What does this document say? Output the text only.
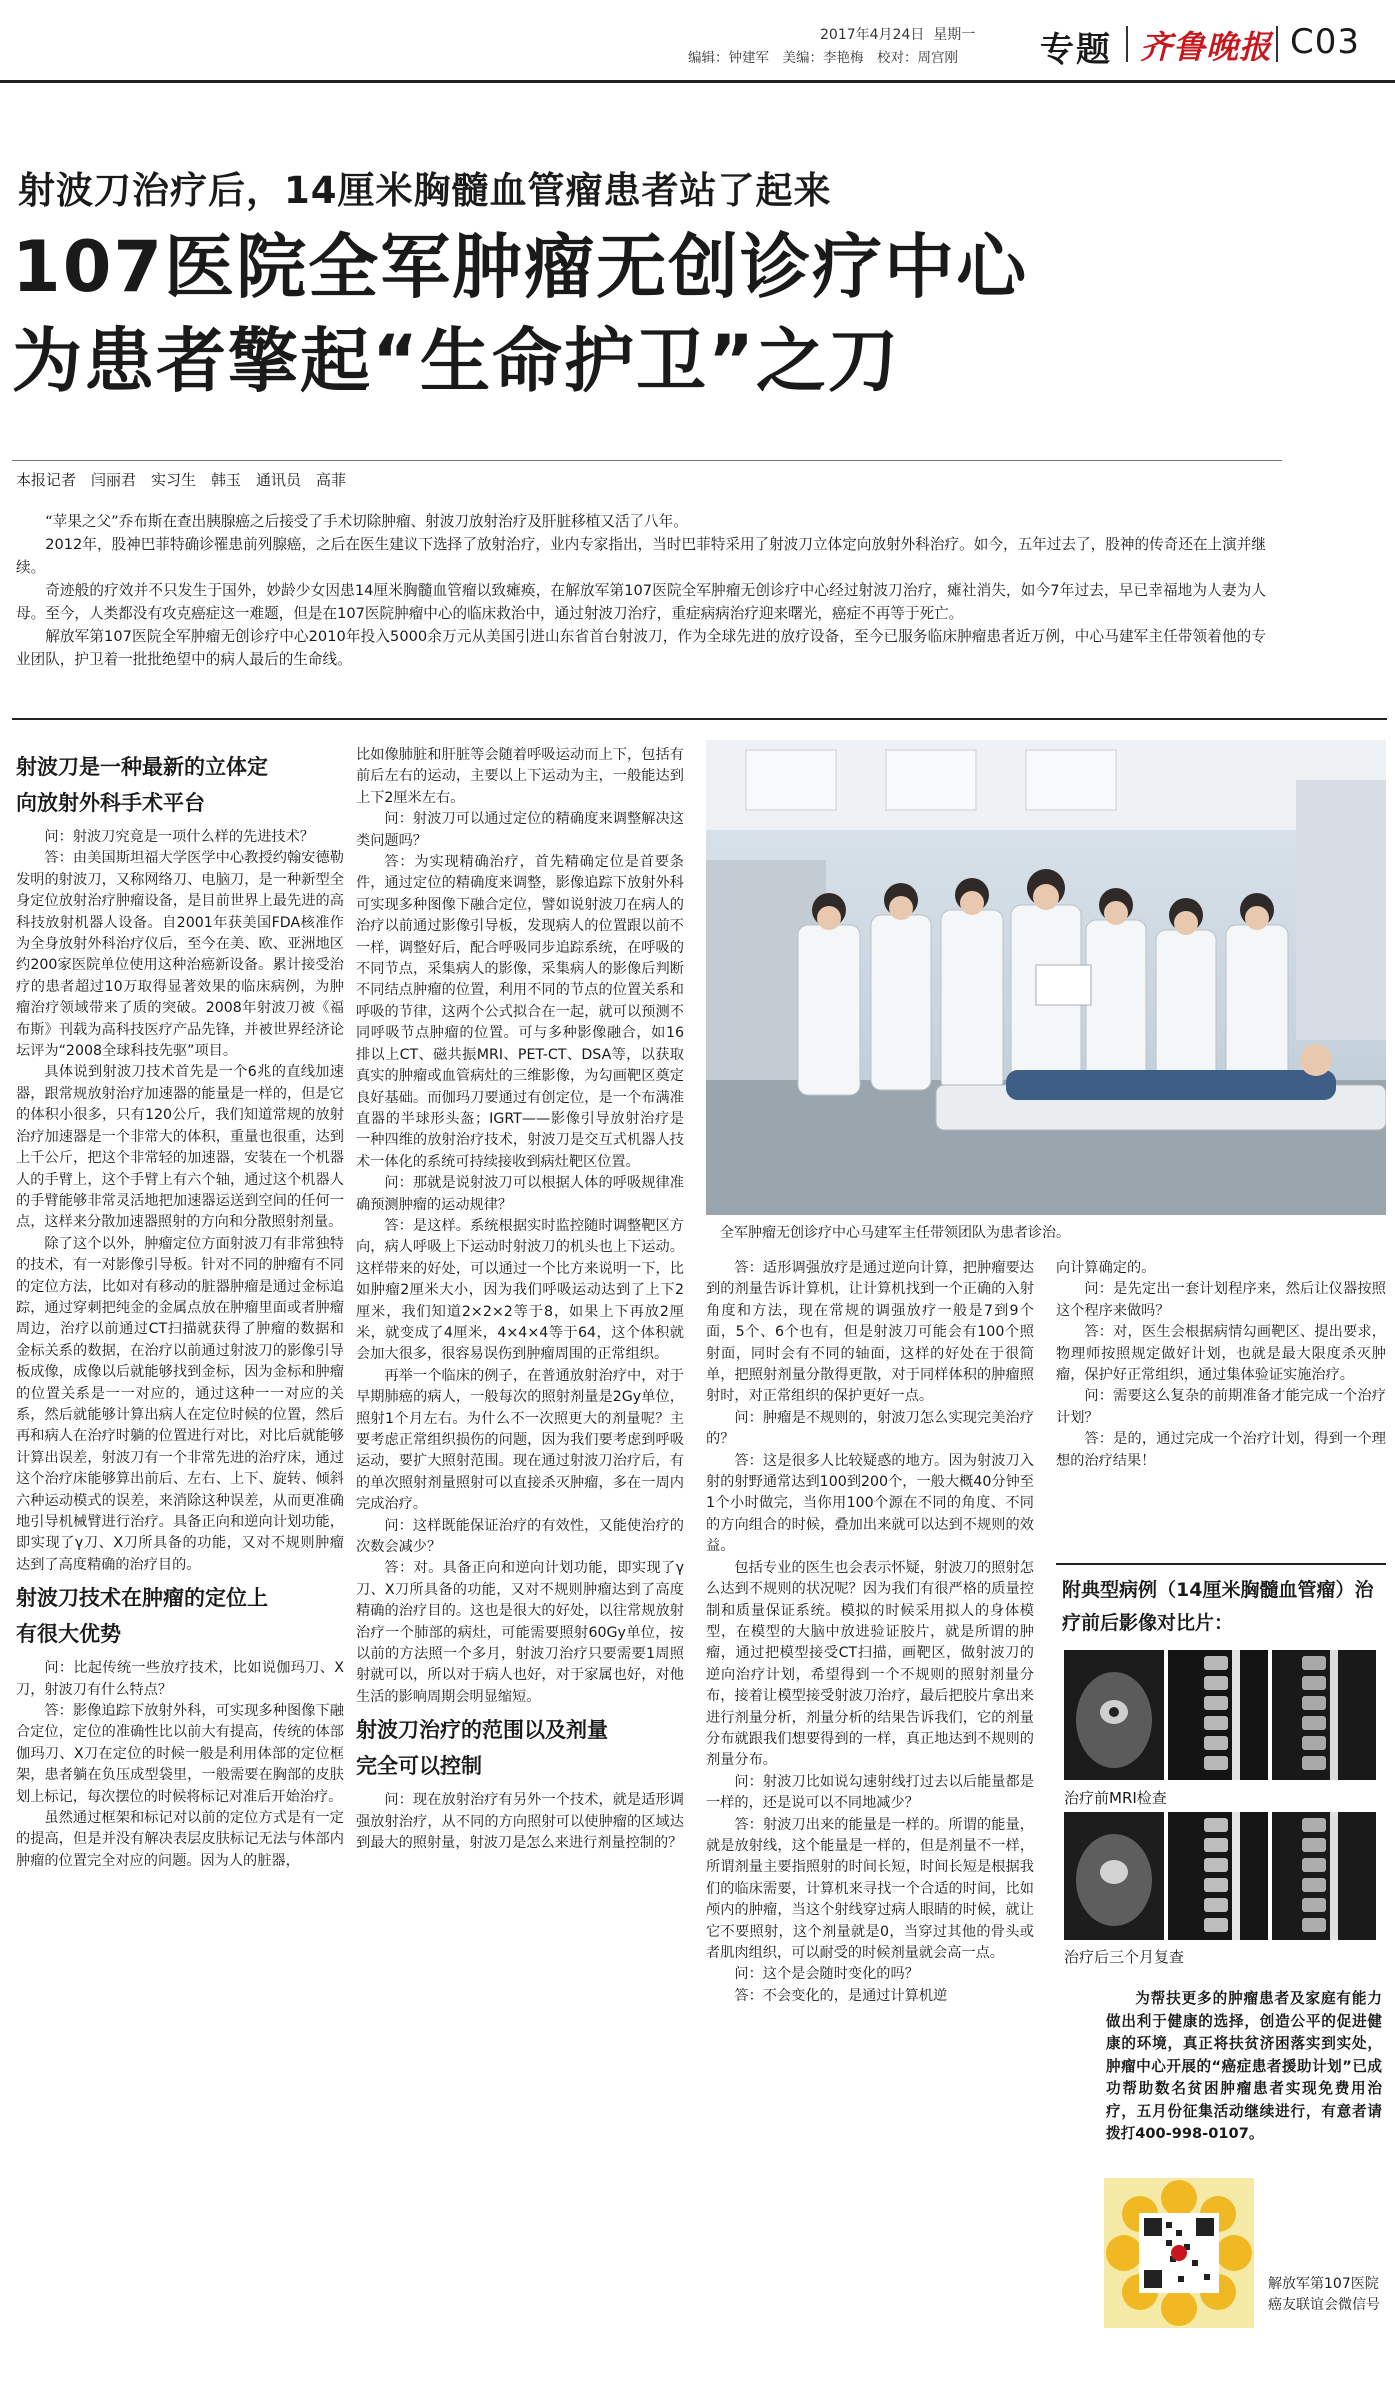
2017年4月24日 星期一
编辑：钟建军　美编：李艳梅　校对：周宫刚 专题 齐鲁晚报 C03
射波刀治疗后，14厘米胸髓血管瘤患者站了起来
107医院全军肿瘤无创诊疗中心
为患者擎起“生命护卫”之刀
本报记者　闫丽君　实习生　韩玉　通讯员　高菲

“苹果之父”乔布斯在查出胰腺癌之后接受了手术切除肿瘤、射波刀放射治疗及肝脏移植又活了八年。

2012年，股神巴菲特确诊罹患前列腺癌，之后在医生建议下选择了放射治疗，业内专家指出，当时巴菲特采用了射波刀立体定向放射外科治疗。如今，五年过去了，股神的传奇还在上演并继续。

奇迹般的疗效并不只发生于国外，妙龄少女因患14厘米胸髓血管瘤以致瘫痪，在解放军第107医院全军肿瘤无创诊疗中心经过射波刀治疗，瘫社消失，如今7年过去，早已幸福地为人妻为人母。至今，人类都没有攻克癌症这一难题，但是在107医院肿瘤中心的临床救治中，通过射波刀治疗，重症病病治疗迎来曙光，癌症不再等于死亡。

解放军第107医院全军肿瘤无创诊疗中心2010年投入5000余万元从美国引进山东省首台射波刀，作为全球先进的放疗设备，至今已服务临床肿瘤患者近万例，中心马建军主任带领着他的专业团队，护卫着一批批绝望中的病人最后的生命线。

射波刀是一种最新的立体定
向放射外科手术平台

问：射波刀究竟是一项什么样的先进技术？

答：由美国斯坦福大学医学中心教授约翰安德勒发明的射波刀，又称网络刀、电脑刀，是一种新型全身定位放射治疗肿瘤设备，是目前世界上最先进的高科技放射机器人设备。自2001年获美国FDA核准作为全身放射外科治疗仪后，至今在美、欧、亚洲地区约200家医院单位使用这种治癌新设备。累计接受治疗的患者超过10万取得显著效果的临床病例，为肿瘤治疗领域带来了质的突破。2008年射波刀被《福布斯》刊载为高科技医疗产品先锋，并被世界经济论坛评为“2008全球科技先驱”项目。

具体说到射波刀技术首先是一个6兆的直线加速器，跟常规放射治疗加速器的能量是一样的，但是它的体积小很多，只有120公斤，我们知道常规的放射治疗加速器是一个非常大的体积，重量也很重，达到上千公斤，把这个非常轻的加速器，安装在一个机器人的手臂上，这个手臂上有六个轴，通过这个机器人的手臂能够非常灵活地把加速器运送到空间的任何一点，这样来分散加速器照射的方向和分散照射剂量。

除了这个以外，肿瘤定位方面射波刀有非常独特的技术，有一对影像引导板。针对不同的肿瘤有不同的定位方法，比如对有移动的脏器肿瘤是通过金标追踪，通过穿刺把纯金的金属点放在肿瘤里面或者肿瘤周边，治疗以前通过CT扫描就获得了肿瘤的数据和金标关系的数据，在治疗以前通过射波刀的影像引导板成像，成像以后就能够找到金标，因为金标和肿瘤的位置关系是一一对应的，通过这种一一对应的关系，然后就能够计算出病人在定位时候的位置，然后再和病人在治疗时躺的位置进行对比，对比后就能够计算出误差，射波刀有一个非常先进的治疗床，通过这个治疗床能够算出前后、左右、上下、旋转、倾斜六种运动模式的误差，来消除这种误差，从而更准确地引导机械臂进行治疗。具备正向和逆向计划功能，即实现了γ刀、X刀所具备的功能，又对不规则肿瘤达到了高度精确的治疗目的。

射波刀技术在肿瘤的定位上
有很大优势

问：比起传统一些放疗技术，比如说伽玛刀、X刀，射波刀有什么特点？

答：影像追踪下放射外科，可实现多种图像下融合定位，定位的准确性比以前大有提高，传统的体部伽玛刀、X刀在定位的时候一般是利用体部的定位框架，患者躺在负压成型袋里，一般需要在胸部的皮肤划上标记，每次摆位的时候将标记对准后开始治疗。

虽然通过框架和标记对以前的定位方式是有一定的提高，但是并没有解决表层皮肤标记无法与体部内肿瘤的位置完全对应的问题。因为人的脏器，

比如像肺脏和肝脏等会随着呼吸运动而上下，包括有前后左右的运动，主要以上下运动为主，一般能达到上下2厘米左右。

问：射波刀可以通过定位的精确度来调整解决这类问题吗？

答：为实现精确治疗，首先精确定位是首要条件，通过定位的精确度来调整，影像追踪下放射外科可实现多种图像下融合定位，譬如说射波刀在病人的治疗以前通过影像引导板，发现病人的位置跟以前不一样，调整好后，配合呼吸同步追踪系统，在呼吸的不同节点，采集病人的影像，采集病人的影像后判断不同结点肿瘤的位置，利用不同的节点的位置关系和呼吸的节律，这两个公式拟合在一起，就可以预测不同呼吸节点肿瘤的位置。可与多种影像融合，如16排以上CT、磁共振MRI、PET-CT、DSA等，以获取真实的肿瘤或血管病灶的三维影像，为勾画靶区奠定良好基础。而伽玛刀要通过有创定位，是一个布满准直器的半球形头盔；IGRT——影像引导放射治疗是一种四维的放射治疗技术，射波刀是交互式机器人技术一体化的系统可持续接收到病灶靶区位置。

问：那就是说射波刀可以根据人体的呼吸规律准确预测肿瘤的运动规律？

答：是这样。系统根据实时监控随时调整靶区方向，病人呼吸上下运动时射波刀的机头也上下运动。这样带来的好处，可以通过一个比方来说明一下，比如肿瘤2厘米大小，因为我们呼吸运动达到了上下2厘米，我们知道2×2×2等于8，如果上下再放2厘米，就变成了4厘米，4×4×4等于64，这个体积就会加大很多，很容易误伤到肿瘤周围的正常组织。

再举一个临床的例子，在普通放射治疗中，对于早期肺癌的病人，一般每次的照射剂量是2Gy单位，照射1个月左右。为什么不一次照更大的剂量呢？主要考虑正常组织损伤的问题，因为我们要考虑到呼吸运动，要扩大照射范围。现在通过射波刀治疗后，有的单次照射剂量照射可以直接杀灭肿瘤，多在一周内完成治疗。

问：这样既能保证治疗的有效性，又能使治疗的次数会减少？

答：对。具备正向和逆向计划功能，即实现了γ刀、X刀所具备的功能，又对不规则肿瘤达到了高度精确的治疗目的。这也是很大的好处，以往常规放射治疗一个肺部的病灶，可能需要照射60Gy单位，按以前的方法照一个多月，射波刀治疗只要需要1周照射就可以，所以对于病人也好，对于家属也好，对他生活的影响周期会明显缩短。

射波刀治疗的范围以及剂量
完全可以控制

问：现在放射治疗有另外一个技术，就是适形调强放射治疗，从不同的方向照射可以使肿瘤的区域达到最大的照射量，射波刀是怎么来进行剂量控制的？

全军肿瘤无创诊疗中心马建军主任带领团队为患者诊治。

答：适形调强放疗是通过逆向计算，把肿瘤要达到的剂量告诉计算机，让计算机找到一个正确的入射角度和方法，现在常规的调强放疗一般是7到9个面，5个、6个也有，但是射波刀可能会有100个照射面，同时会有不同的轴面，这样的好处在于很简单，把照射剂量分散得更散，对于同样体积的肿瘤照射时，对正常组织的保护更好一点。

问：肿瘤是不规则的，射波刀怎么实现完美治疗的？

答：这是很多人比较疑惑的地方。因为射波刀入射的射野通常达到100到200个，一般大概40分钟至1个小时做完，当你用100个源在不同的角度、不同的方向组合的时候，叠加出来就可以达到不规则的效益。

包括专业的医生也会表示怀疑，射波刀的照射怎么达到不规则的状况呢？因为我们有很严格的质量控制和质量保证系统。模拟的时候采用拟人的身体模型，在模型的大脑中放进验证胶片，就是所谓的肿瘤，通过把模型接受CT扫描，画靶区，做射波刀的逆向治疗计划，希望得到一个不规则的照射剂量分布，接着让模型接受射波刀治疗，最后把胶片拿出来进行剂量分析，剂量分析的结果告诉我们，它的剂量分布就跟我们想要得到的一样，真正地达到不规则的剂量分布。

问：射波刀比如说勾速射线打过去以后能量都是一样的，还是说可以不同地减少？

答：射波刀出来的能量是一样的。所谓的能量，就是放射线，这个能量是一样的，但是剂量不一样，所谓剂量主要指照射的时间长短，时间长短是根据我们的临床需要，计算机来寻找一个合适的时间，比如颅内的肿瘤，当这个射线穿过病人眼睛的时候，就让它不要照射，这个剂量就是0，当穿过其他的骨头或者肌肉组织，可以耐受的时候剂量就会高一点。

问：这个是会随时变化的吗？

答：不会变化的，是通过计算机逆

向计算确定的。

问：是先定出一套计划程序来，然后让仪器按照这个程序来做吗？

答：对，医生会根据病情勾画靶区、提出要求，物理师按照规定做好计划，也就是最大限度杀灭肿瘤，保护好正常组织，通过集体验证实施治疗。

问：需要这么复杂的前期准备才能完成一个治疗计划？

答：是的，通过完成一个治疗计划，得到一个理想的治疗结果！

附典型病例（14厘米胸髓血管瘤）治疗前后影像对比片：
治疗前MRI检查
治疗后三个月复查

为帮扶更多的肿瘤患者及家庭有能力做出利于健康的选择，创造公平的促进健康的环境，真正将扶贫济困落实到实处，肿瘤中心开展的“癌症患者援助计划”已成功帮助数名贫困肿瘤患者实现免费用治疗，五月份征集活动继续进行，有意者请拨打400-998-0107。

解放军第107医院癌友联谊会微信号
